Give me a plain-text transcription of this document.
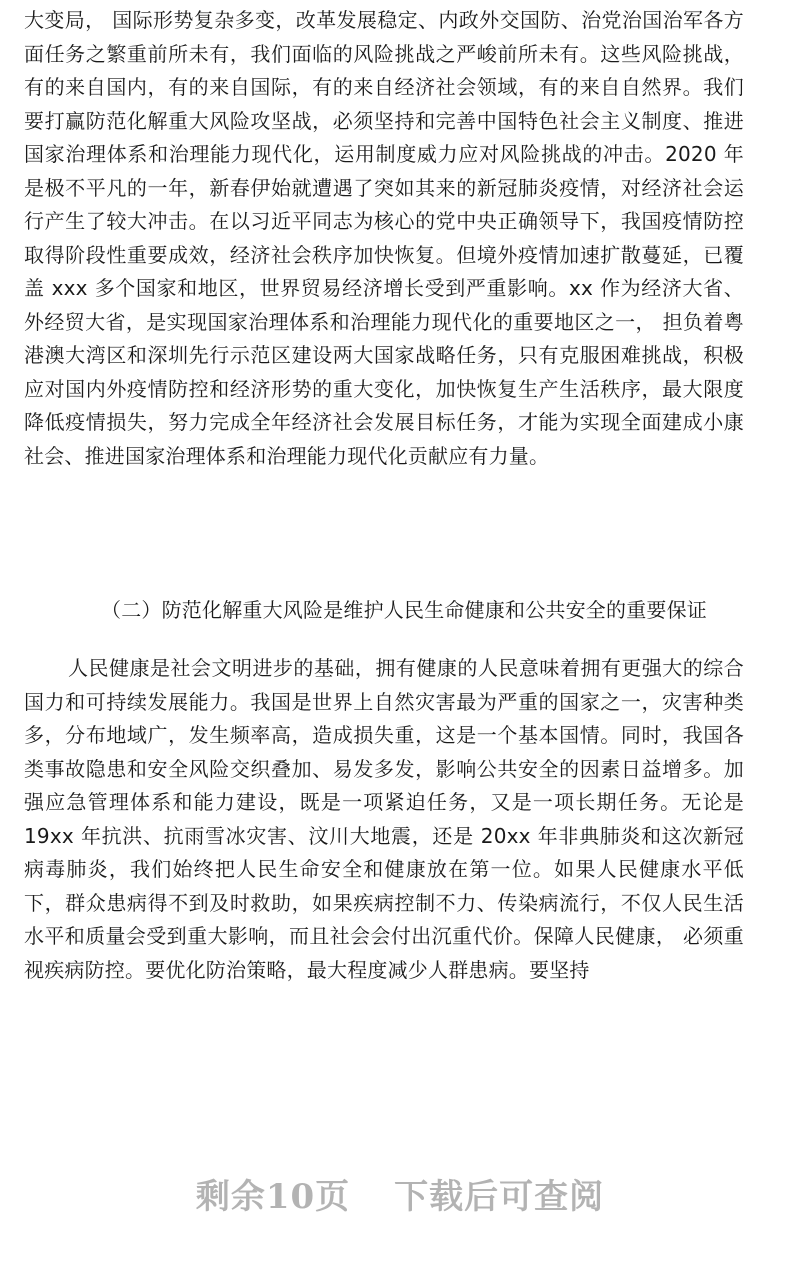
大变局， 国际形势复杂多变，改革发展稳定、内政外交国防、治党治国治军各方面任务之繁重前所未有，我们面临的风险挑战之严峻前所未有。这些风险挑战，有的来自国内，有的来自国际，有的来自经济社会领域，有的来自自然界。我们要打赢防范化解重大风险攻坚战，必须坚持和完善中国特色社会主义制度、推进国家治理体系和治理能力现代化，运用制度威力应对风险挑战的冲击。2020 年是极不平凡的一年，新春伊始就遭遇了突如其来的新冠肺炎疫情，对经济社会运行产生了较大冲击。在以习近平同志为核心的党中央正确领导下，我国疫情防控取得阶段性重要成效，经济社会秩序加快恢复。但境外疫情加速扩散蔓延，已覆盖 xxx 多个国家和地区，世界贸易经济增长受到严重影响。xx 作为经济大省、外经贸大省，是实现国家治理体系和治理能力现代化的重要地区之一， 担负着粤港澳大湾区和深圳先行示范区建设两大国家战略任务，只有克服困难挑战，积极应对国内外疫情防控和经济形势的重大变化，加快恢复生产生活秩序，最大限度降低疫情损失，努力完成全年经济社会发展目标任务，才能为实现全面建成小康社会、推进国家治理体系和治理能力现代化贡献应有力量。

（二）防范化解重大风险是维护人民生命健康和公共安全的重要保证

人民健康是社会文明进步的基础，拥有健康的人民意味着拥有更强大的综合国力和可持续发展能力。我国是世界上自然灾害最为严重的国家之一，灾害种类多，分布地域广，发生频率高，造成损失重，这是一个基本国情。同时，我国各类事故隐患和安全风险交织叠加、易发多发，影响公共安全的因素日益增多。加强应急管理体系和能力建设，既是一项紧迫任务，又是一项长期任务。无论是 19xx 年抗洪、抗雨雪冰灾害、汶川大地震，还是 20xx 年非典肺炎和这次新冠病毒肺炎，我们始终把人民生命安全和健康放在第一位。如果人民健康水平低下，群众患病得不到及时救助，如果疾病控制不力、传染病流行，不仅人民生活水平和质量会受到重大影响，而且社会会付出沉重代价。保障人民健康， 必须重视疾病防控。要优化防治策略，最大程度减少人群患病。要坚持

剩余10页 下载后可查阅
